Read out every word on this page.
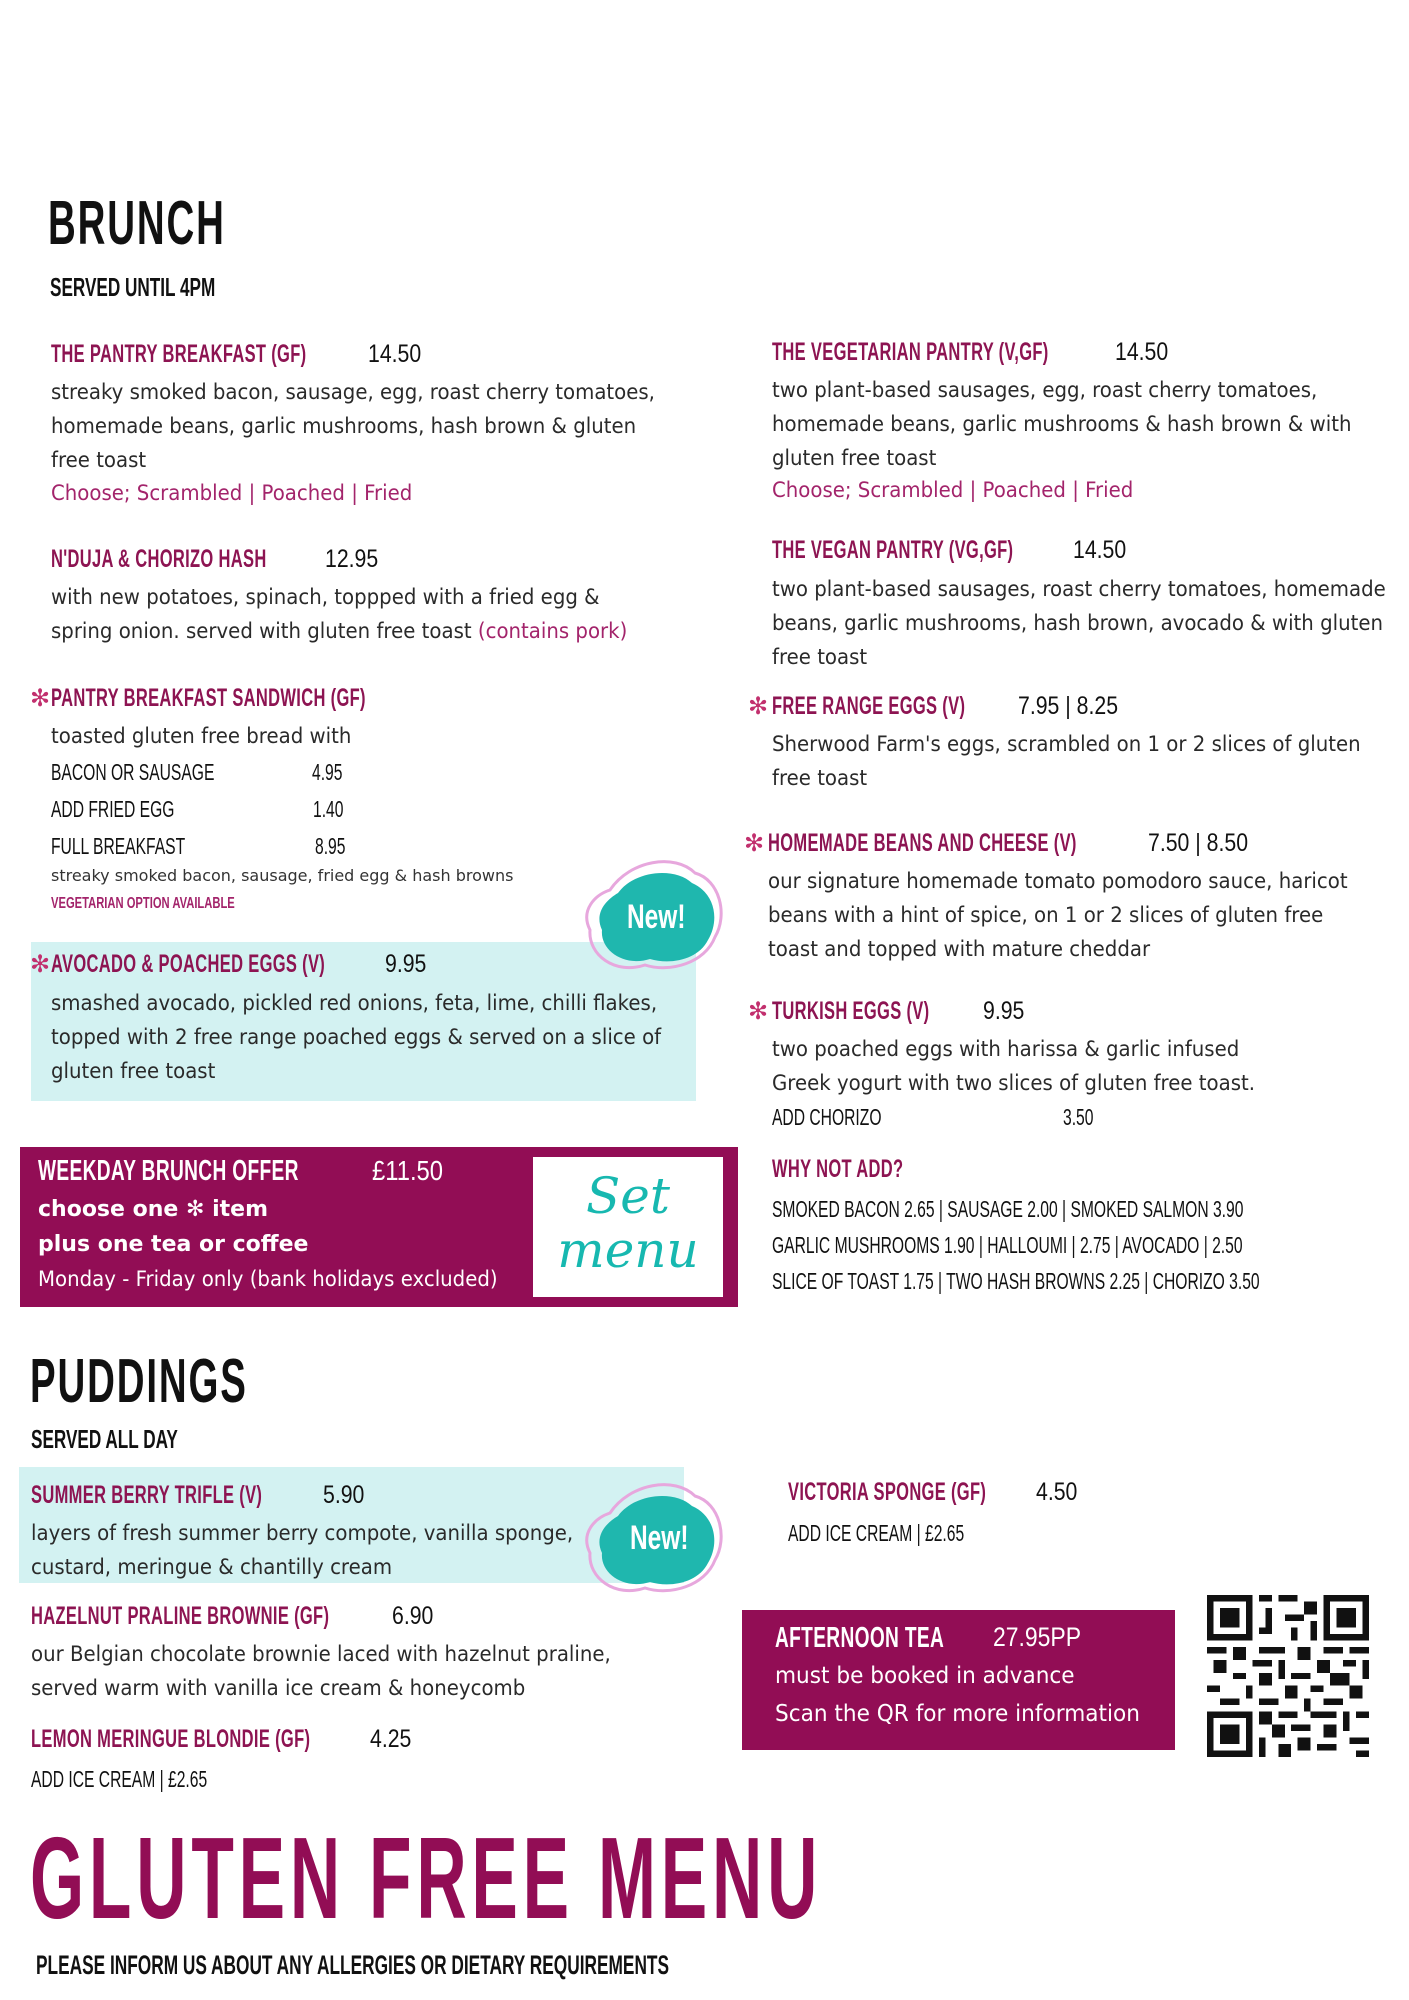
BRUNCH
SERVED UNTIL 4PM
THE PANTRY BREAKFAST (GF) 14.50
streaky smoked bacon, sausage, egg, roast cherry tomatoes,
homemade beans, garlic mushrooms, hash brown & gluten
free toast
Choose; Scrambled | Poached | Fried
N'DUJA & CHORIZO HASH 12.95
with new potatoes, spinach, toppped with a fried egg &
spring onion. served with gluten free toast (contains pork)
✻ PANTRY BREAKFAST SANDWICH (GF)
toasted gluten free bread with
BACON OR SAUSAGE	4.95
ADD FRIED EGG	1.40
FULL BREAKFAST	8.95
streaky smoked bacon, sausage, fried egg & hash browns
VEGETARIAN OPTION AVAILABLE
✻ AVOCADO & POACHED EGGS (V) 9.95
smashed avocado, pickled red onions, feta, lime, chilli flakes,
topped with 2 free range poached eggs & served on a slice of
gluten free toast
New!
THE VEGETARIAN PANTRY (V,GF)	14.50
two plant-based sausages, egg, roast cherry tomatoes,
homemade beans, garlic mushrooms & hash brown & with
gluten free toast
Choose; Scrambled | Poached | Fried
THE VEGAN PANTRY (VG,GF) 14.50
two plant-based sausages, roast cherry tomatoes, homemade
beans, garlic mushrooms, hash brown, avocado & with gluten
free toast
✻ FREE RANGE EGGS (V) 7.95 | 8.25
Sherwood Farm's eggs, scrambled on 1 or 2 slices of gluten
free toast
✻ HOMEMADE BEANS AND CHEESE (V)	7.50 | 8.50
our signature homemade tomato pomodoro sauce, haricot
beans with a hint of spice, on 1 or 2 slices of gluten free
toast and topped with mature cheddar
✻ TURKISH EGGS (V) 9.95
two poached eggs with harissa & garlic infused
Greek yogurt with two slices of gluten free toast.
ADD CHORIZO	3.50
WEEKDAY BRUNCH OFFER	£11.50
choose one ✻ item
plus one tea or coffee
Monday - Friday only (bank holidays excluded)
Set
menu
WHY NOT ADD?
SMOKED BACON 2.65 | SAUSAGE 2.00 | SMOKED SALMON 3.90
GARLIC MUSHROOMS 1.90 | HALLOUMI | 2.75 | AVOCADO | 2.50
SLICE OF TOAST 1.75 | TWO HASH BROWNS 2.25 | CHORIZO 3.50
PUDDINGS
SERVED ALL DAY
SUMMER BERRY TRIFLE (V) 5.90
layers of fresh summer berry compote, vanilla sponge,
custard, meringue & chantilly cream
New!
HAZELNUT PRALINE BROWNIE (GF)	6.90
our Belgian chocolate brownie laced with hazelnut praline,
served warm with vanilla ice cream & honeycomb
LEMON MERINGUE BLONDIE (GF) 4.25
ADD ICE CREAM | £2.65
VICTORIA SPONGE (GF) 4.50
ADD ICE CREAM | £2.65
AFTERNOON TEA 27.95PP
must be booked in advance
Scan the QR for more information
GLUTEN FREE MENU
PLEASE INFORM US ABOUT ANY ALLERGIES OR DIETARY REQUIREMENTS
